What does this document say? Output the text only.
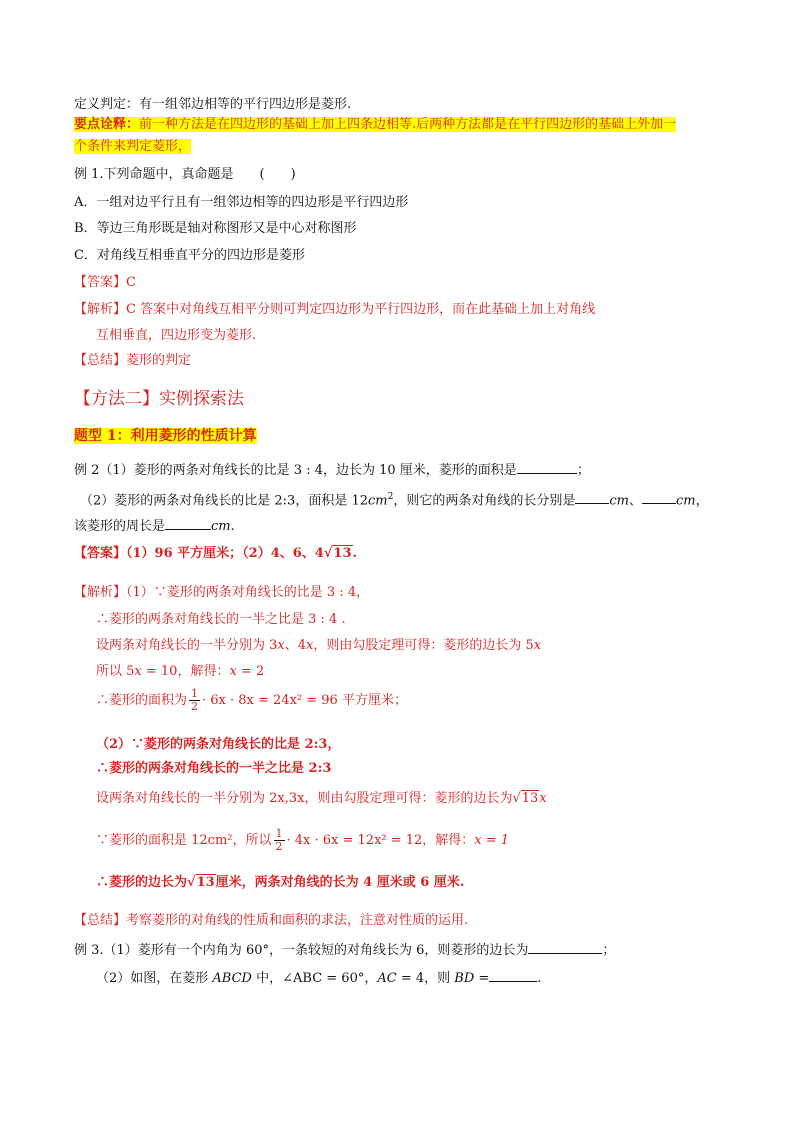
定义判定：有一组邻边相等的平行四边形是菱形.
要点诠释：前一种方法是在四边形的基础上加上四条边相等.后两种方法都是在平行四边形的基础上外加一
个条件来判定菱形，
例 1.下列命题中，真命题是　　(　　)
A．一组对边平行且有一组邻边相等的四边形是平行四边形
B．等边三角形既是轴对称图形又是中心对称图形
C．对角线互相垂直平分的四边形是菱形
【答案】C
【解析】C 答案中对角线互相平分则可判定四边形为平行四边形，而在此基础上加上对角线
互相垂直，四边形变为菱形.
【总结】菱形的判定
【方法二】实例探索法
题型 1：利用菱形的性质计算
例 2（1）菱形的两条对角线长的比是 3 : 4，边长为 10 厘米，菱形的面积是	；
（2）菱形的两条对角线长的比是 2:3，面积是 $12cm^2$，则它的两条对角线的长分别是	cm、	cm，
该菱形的周长是	cm.
【答案】（1）96 平方厘米；（2）4、6、4√13.
【解析】（1）∵菱形的两条对角线长的比是 3 : 4，
∴菱形的两条对角线长的一半之比是 3 : 4 .
设两条对角线长的一半分别为 3x、4x，则由勾股定理可得：菱形的边长为 5x
所以 5x = 10，解得：x = 2
∴菱形的面积为 $\frac{1}{2} \cdot 6x \cdot 8x = 24x^2 = 96$ 平方厘米；
（2）∵菱形的两条对角线长的比是 2:3，
∴菱形的两条对角线长的一半之比是 2:3
设两条对角线长的一半分别为 2x,3x，则由勾股定理可得：菱形的边长为√13x
∵菱形的面积是 12cm²，所以 $\frac{1}{2} \cdot 4x \cdot 6x = 12x^2 = 12$，解得：x = 1
∴菱形的边长为√13厘米，两条对角线的长为 4 厘米或 6 厘米.
【总结】考察菱形的对角线的性质和面积的求法，注意对性质的运用.
例 3.（1）菱形有一个内角为 60°，一条较短的对角线长为 6，则菱形的边长为	；
（2）如图，在菱形 ABCD 中，∠ABC = 60°，AC = 4，则 BD =	.
